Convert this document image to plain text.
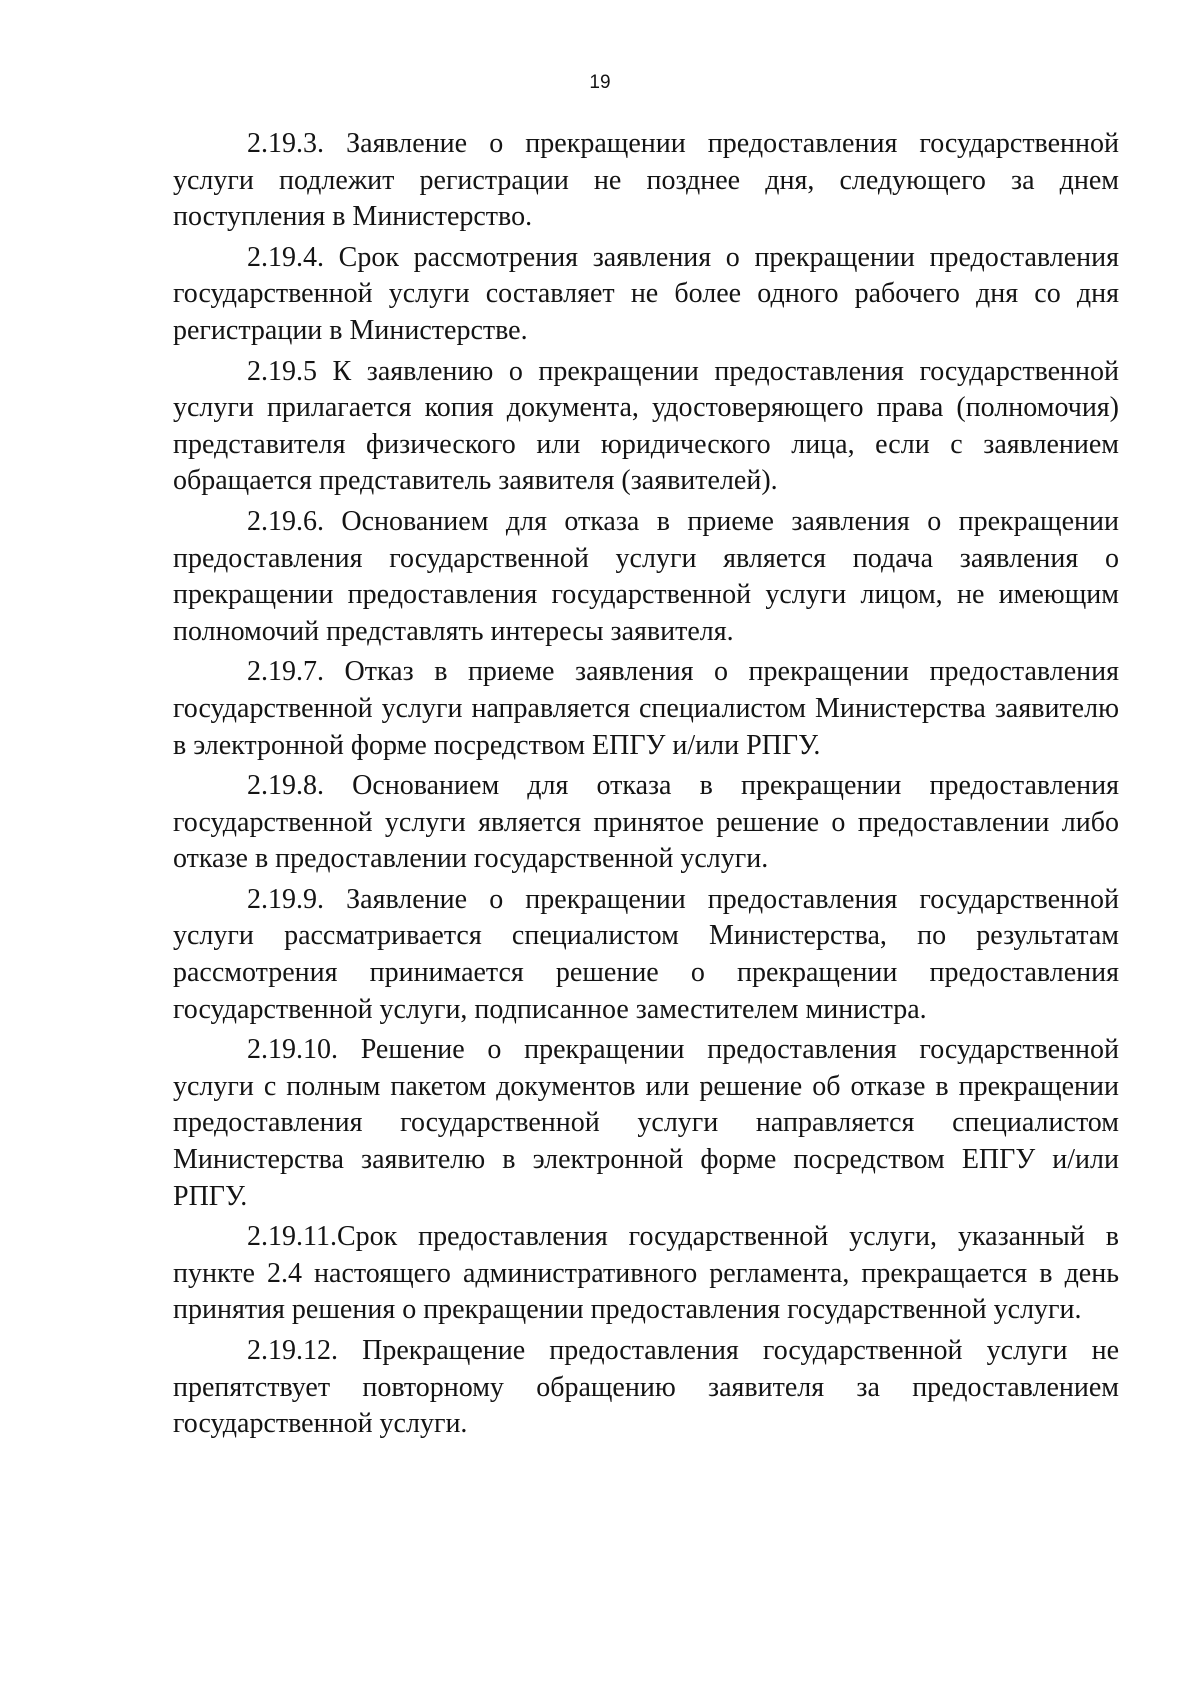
19

2.19.3. Заявление о прекращении предоставления государственной услуги подлежит регистрации не позднее дня, следующего за днем поступления в Министерство.

2.19.4. Срок рассмотрения заявления о прекращении предоставления государственной услуги составляет не более одного рабочего дня со дня регистрации в Министерстве.

2.19.5 К заявлению о прекращении предоставления государственной услуги прилагается копия документа, удостоверяющего права (полномочия) представителя физического или юридического лица, если с заявлением обращается представитель заявителя (заявителей).

2.19.6. Основанием для отказа в приеме заявления о прекращении предоставления государственной услуги является подача заявления о прекращении предоставления государственной услуги лицом, не имеющим полномочий представлять интересы заявителя.

2.19.7. Отказ в приеме заявления о прекращении предоставления государственной услуги направляется специалистом Министерства заявителю в электронной форме посредством ЕПГУ и/или РПГУ.

2.19.8. Основанием для отказа в прекращении предоставления государственной услуги является принятое решение о предоставлении либо отказе в предоставлении государственной услуги.

2.19.9. Заявление о прекращении предоставления государственной услуги рассматривается специалистом Министерства, по результатам рассмотрения принимается решение о прекращении предоставления государственной услуги, подписанное заместителем министра.

2.19.10. Решение о прекращении предоставления государственной услуги с полным пакетом документов или решение об отказе в прекращении предоставления государственной услуги направляется специалистом Министерства заявителю в электронной форме посредством ЕПГУ и/или РПГУ.

2.19.11.Срок предоставления государственной услуги, указанный в пункте 2.4 настоящего административного регламента, прекращается в день принятия решения о прекращении предоставления государственной услуги.

2.19.12. Прекращение предоставления государственной услуги не препятствует повторному обращению заявителя за предоставлением государственной услуги.
